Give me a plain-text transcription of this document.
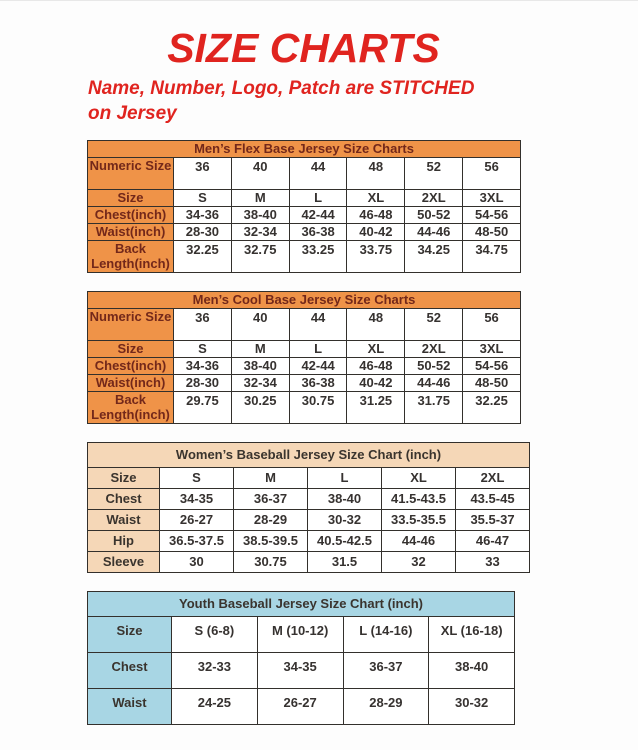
SIZE CHARTS
Name, Number, Logo, Patch are STITCHED
on Jersey
Men’s Flex Base Jersey Size Charts						
Numeric Size	36	40	44	48	52	56
Size	S	M	L	XL	2XL	3XL
Chest(inch)	34-36	38-40	42-44	46-48	50-52	54-56
Waist(inch)	28-30	32-34	36-38	40-42	44-46	48-50
Back Length(inch)	32.25	32.75	33.25	33.75	34.25	34.75
Men’s Cool Base Jersey Size Charts						
Numeric Size	36	40	44	48	52	56
Size	S	M	L	XL	2XL	3XL
Chest(inch)	34-36	38-40	42-44	46-48	50-52	54-56
Waist(inch)	28-30	32-34	36-38	40-42	44-46	48-50
Back Length(inch)	29.75	30.25	30.75	31.25	31.75	32.25
Women’s Baseball Jersey Size Chart (inch)					
Size	S	M	L	XL	2XL
Chest	34-35	36-37	38-40	41.5-43.5	43.5-45
Waist	26-27	28-29	30-32	33.5-35.5	35.5-37
Hip	36.5-37.5	38.5-39.5	40.5-42.5	44-46	46-47
Sleeve	30	30.75	31.5	32	33
Youth Baseball Jersey Size Chart (inch)				
Size	S (6-8)	M (10-12)	L (14-16)	XL (16-18)
Chest	32-33	34-35	36-37	38-40
Waist	24-25	26-27	28-29	30-32
